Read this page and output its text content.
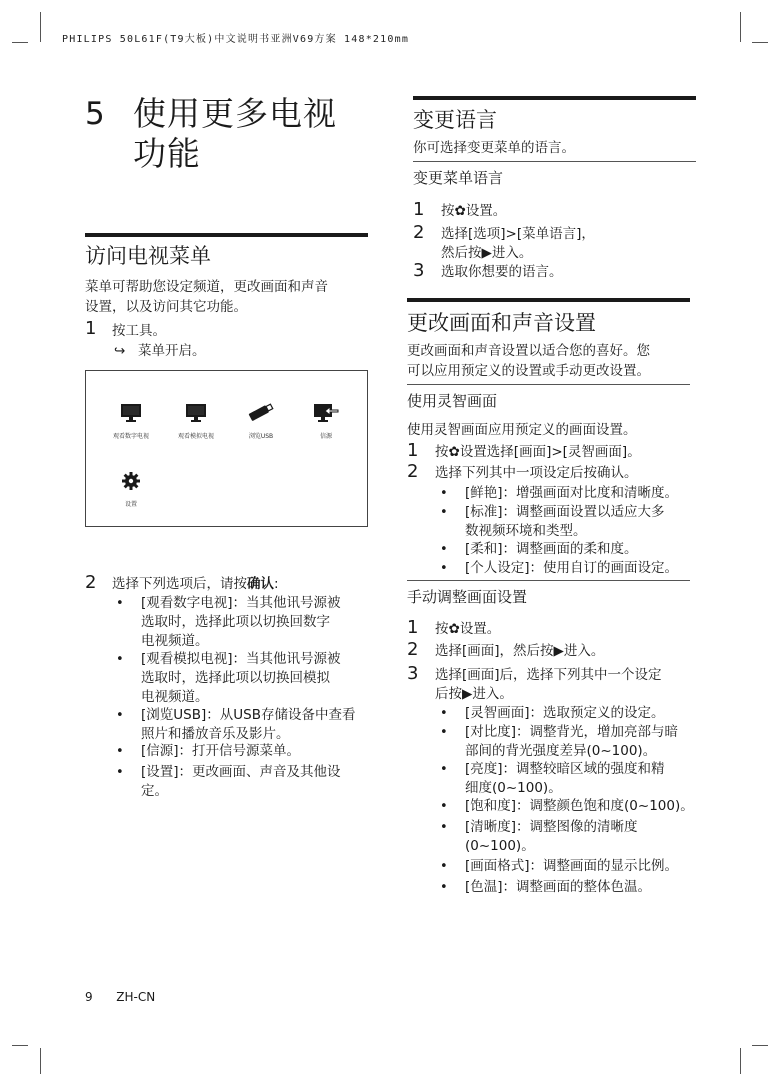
PHILIPS 50L61F(T9大板)中文说明书亚洲V69方案 148*210mm
5 使用更多电视
功能
访问电视菜单
菜单可帮助您设定频道，更改画面和声音
设置，以及访问其它功能。
1 按工具。
↪ 菜单开启。
观看数字电视	观看模拟电视	浏览USB	信源
设置
2 选择下列选项后，请按确认:
• [观看数字电视]：当其他讯号源被
选取时，选择此项以切换回数字
电视频道。
• [观看模拟电视]：当其他讯号源被
选取时，选择此项以切换回模拟
电视频道。
• [浏览USB]：从USB存储设备中查看
照片和播放音乐及影片。
• [信源]：打开信号源菜单。
• [设置]：更改画面、声音及其他设
定。
变更语言
你可选择变更菜单的语言。
变更菜单语言
1 按✿设置。
2 选择[选项]>[菜单语言]，
然后按▶进入。
3 选取你想要的语言。
更改画面和声音设置
更改画面和声音设置以适合您的喜好。您
可以应用预定义的设置或手动更改设置。
使用灵智画面
使用灵智画面应用预定义的画面设置。
1 按✿设置选择[画面]>[灵智画面]。
2 选择下列其中一项设定后按确认。
• [鲜艳]：增强画面对比度和清晰度。
• [标准]：调整画面设置以适应大多
数视频环境和类型。
• [柔和]：调整画面的柔和度。
• [个人设定]：使用自订的画面设定。
手动调整画面设置
1 按✿设置。
2 选择[画面]，然后按▶进入。
3 选择[画面]后，选择下列其中一个设定
后按▶进入。
• [灵智画面]：选取预定义的设定。
• [对比度]：调整背光，增加亮部与暗
部间的背光强度差异(0~100)。
• [亮度]：调整较暗区域的强度和精
细度(0~100)。
• [饱和度]：调整颜色饱和度(0~100)。
• [清晰度]：调整图像的清晰度
(0~100)。
• [画面格式]：调整画面的显示比例。
• [色温]：调整画面的整体色温。
9 ZH-CN
